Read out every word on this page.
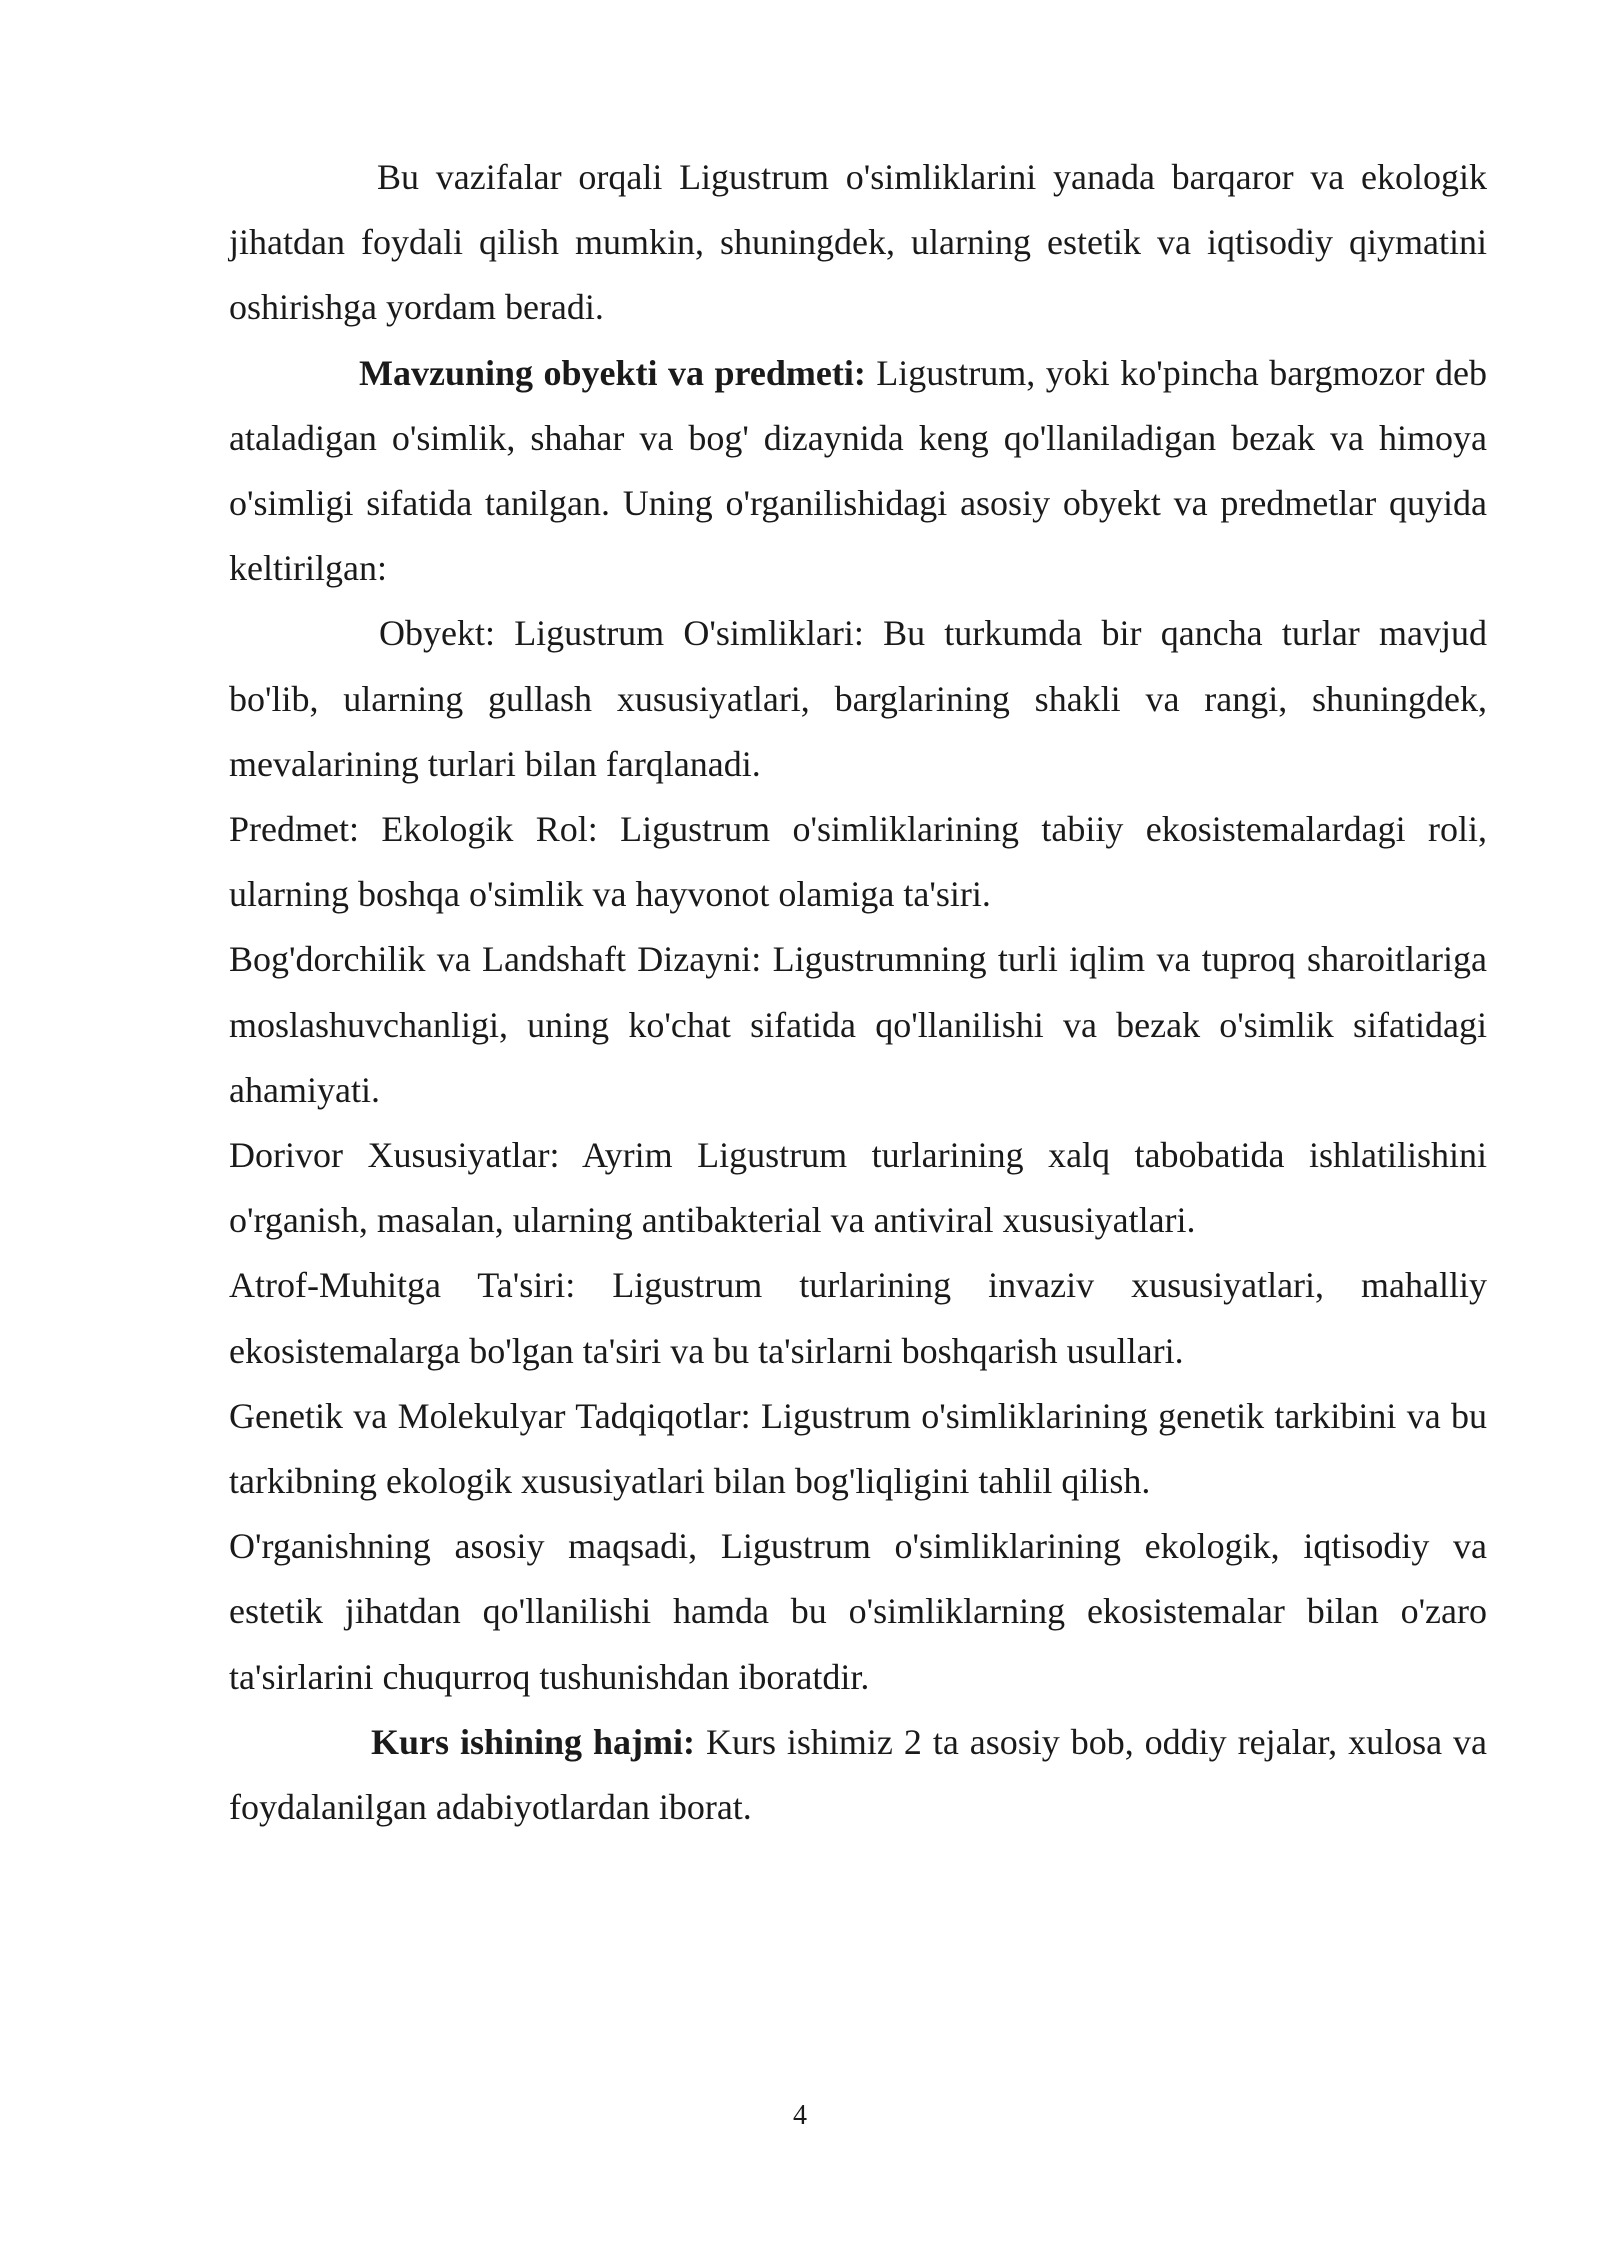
Bu vazifalar orqali Ligustrum o'simliklarini yanada barqaror va ekologik jihatdan foydali qilish mumkin, shuningdek, ularning estetik va iqtisodiy qiymatini oshirishga yordam beradi.

Mavzuning obyekti va predmeti: Ligustrum, yoki ko'pincha bargmozor deb ataladigan o'simlik, shahar va bog' dizaynida keng qo'llaniladigan bezak va himoya o'simligi sifatida tanilgan. Uning o'rganilishidagi asosiy obyekt va predmetlar quyida keltirilgan:

Obyekt: Ligustrum O'simliklari: Bu turkumda bir qancha turlar mavjud bo'lib, ularning gullash xususiyatlari, barglarining shakli va rangi, shuningdek, mevalarining turlari bilan farqlanadi.

Predmet: Ekologik Rol: Ligustrum o'simliklarining tabiiy ekosistemalardagi roli, ularning boshqa o'simlik va hayvonot olamiga ta'siri.

Bog'dorchilik va Landshaft Dizayni: Ligustrumning turli iqlim va tuproq sharoitlariga moslashuvchanligi, uning ko'chat sifatida qo'llanilishi va bezak o'simlik sifatidagi ahamiyati.

Dorivor Xususiyatlar: Ayrim Ligustrum turlarining xalq tabobatida ishlatilishini o'rganish, masalan, ularning antibakterial va antiviral xususiyatlari.

Atrof-Muhitga Ta'siri: Ligustrum turlarining invaziv xususiyatlari, mahalliy ekosistemalarga bo'lgan ta'siri va bu ta'sirlarni boshqarish usullari.

Genetik va Molekulyar Tadqiqotlar: Ligustrum o'simliklarining genetik tarkibini va bu tarkibning ekologik xususiyatlari bilan bog'liqligini tahlil qilish.

O'rganishning asosiy maqsadi, Ligustrum o'simliklarining ekologik, iqtisodiy va estetik jihatdan qo'llanilishi hamda bu o'simliklarning ekosistemalar bilan o'zaro ta'sirlarini chuqurroq tushunishdan iboratdir.

Kurs ishining hajmi: Kurs ishimiz 2 ta asosiy bob, oddiy rejalar, xulosa va foydalanilgan adabiyotlardan iborat.

4
